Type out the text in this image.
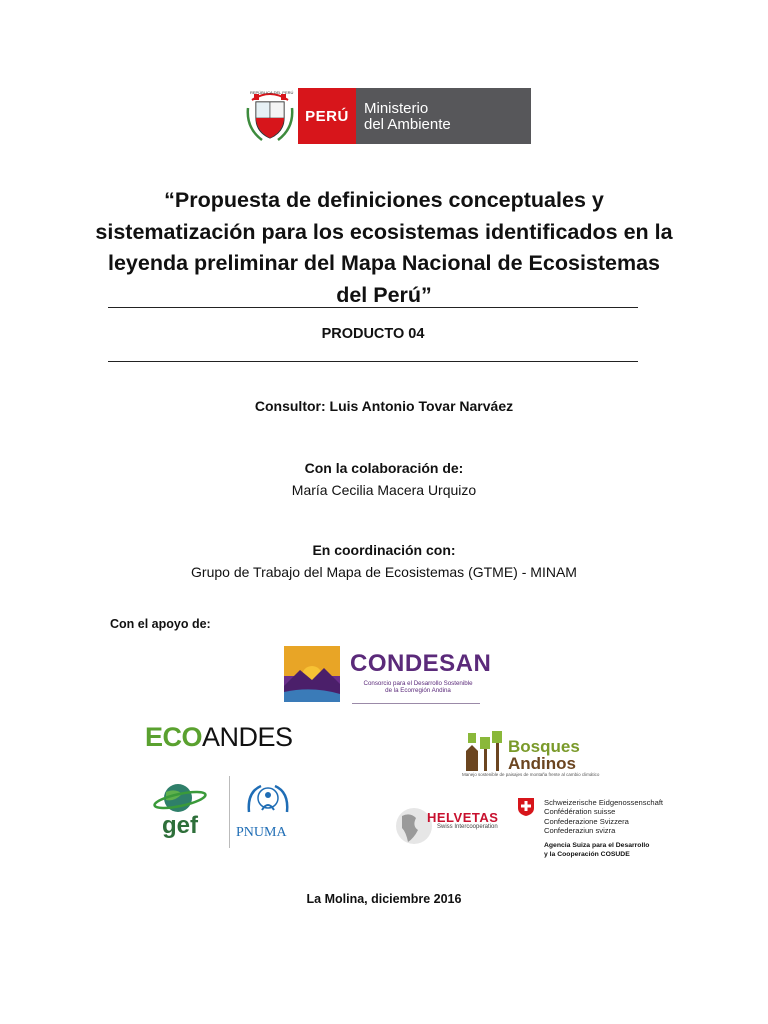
PERÚ	Ministerio
del Ambiente
REPÚBLICA DEL PERÚ
“Propuesta de definiciones conceptuales y
sistematización para los ecosistemas identificados en la
leyenda preliminar del Mapa Nacional de Ecosistemas
del Perú”
PRODUCTO 04
Consultor: Luis Antonio Tovar Narváez
Con la colaboración de:
María Cecilia Macera Urquizo
En coordinación con:
Grupo de Trabajo del Mapa de Ecosistemas (GTME) - MINAM
Con el apoyo de:
CONDESAN
Consorcio para el Desarrollo Sostenible
de la Ecorregión Andina
ECOANDES	Bosques
Andinos
Manejo sostenible de paisajes de montaña frente al cambio climático
gef	PNUMA
HELVETAS
Swiss Intercooperation
Schweizerische Eidgenossenschaft
Confédération suisse
Confederazione Svizzera
Confederaziun svizra
Agencia Suiza para el Desarrollo
y la Cooperación COSUDE
La Molina, diciembre 2016
